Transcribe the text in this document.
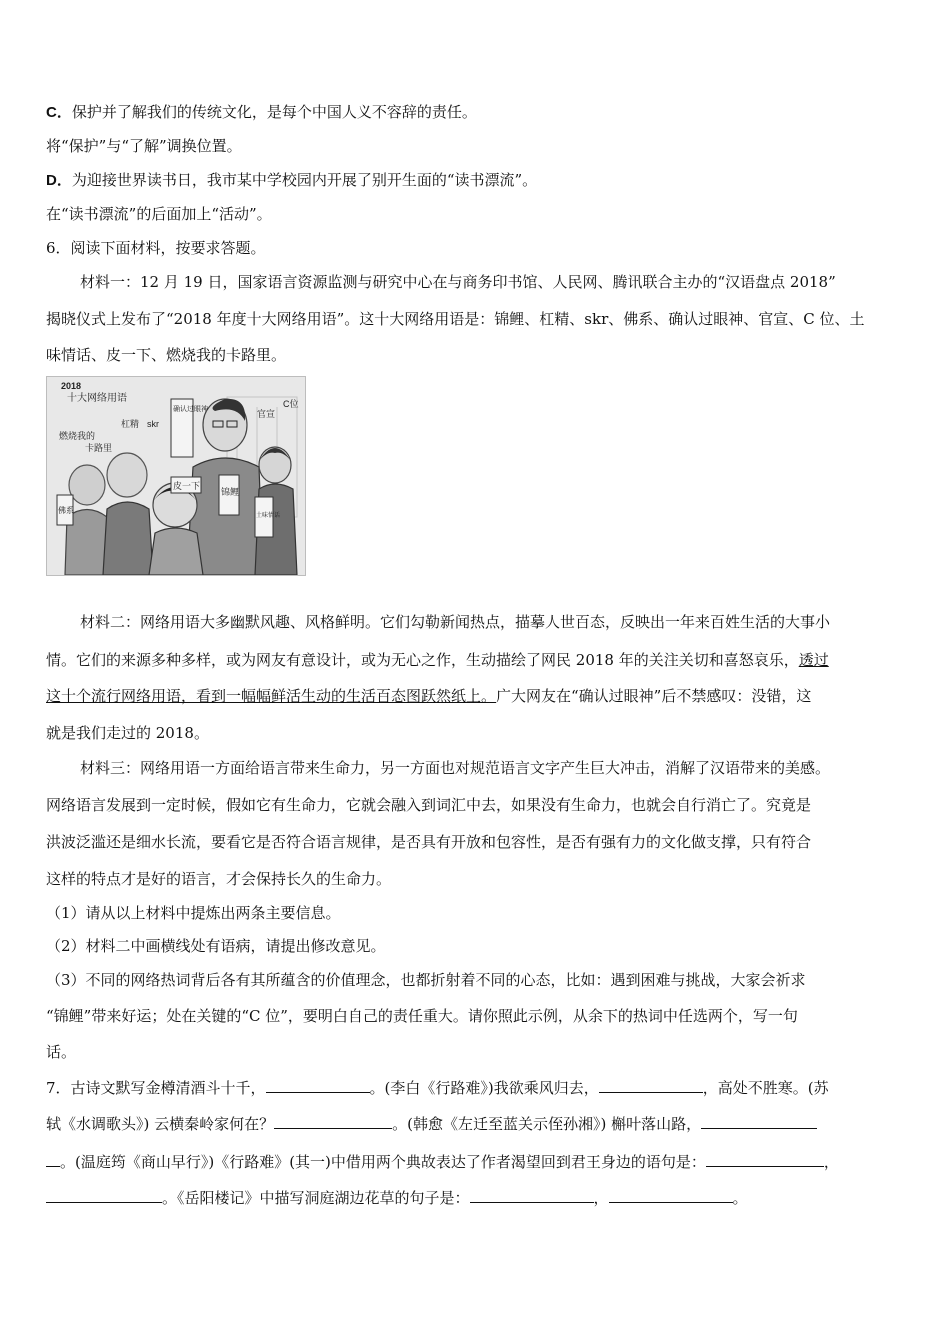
C．保护并了解我们的传统文化，是每个中国人义不容辞的责任。
将“保护”与“了解”调换位置。
D．为迎接世界读书日，我市某中学校园内开展了别开生面的“读书漂流”。
在“读书漂流”的后面加上“活动”。
6．阅读下面材料，按要求答题。
材料一：12 月 19 日，国家语言资源监测与研究中心在与商务印书馆、人民网、腾讯联合主办的“汉语盘点 2018”
揭晓仪式上发布了“2018 年度十大网络用语”。这十大网络用语是：锦鲤、杠精、skr、佛系、确认过眼神、官宣、C 位、土
味情话、皮一下、燃烧我的卡路里。
2018
十大网络用语
燃烧我的
卡路里
杠精 skr
确认过眼神	官宣
C位
皮一下
锦鲤
佛系
土味情话
材料二：网络用语大多幽默风趣、风格鲜明。它们勾勒新闻热点，描摹人世百态，反映出一年来百姓生活的大事小
情。它们的来源多种多样，或为网友有意设计，或为无心之作，生动描绘了网民 2018 年的关注关切和喜怒哀乐，透过
这十个流行网络用语，看到一幅幅鲜活生动的生活百态图跃然纸上。广大网友在“确认过眼神”后不禁感叹：没错，这
就是我们走过的 2018。
材料三：网络用语一方面给语言带来生命力，另一方面也对规范语言文字产生巨大冲击，消解了汉语带来的美感。
网络语言发展到一定时候，假如它有生命力，它就会融入到词汇中去，如果没有生命力，也就会自行消亡了。究竟是
洪波泛滥还是细水长流，要看它是否符合语言规律，是否具有开放和包容性，是否有强有力的文化做支撑，只有符合
这样的特点才是好的语言，才会保持长久的生命力。
（1）请从以上材料中提炼出两条主要信息。
（2）材料二中画横线处有语病，请提出修改意见。
（3）不同的网络热词背后各有其所蕴含的价值理念，也都折射着不同的心态，比如：遇到困难与挑战，大家会祈求
“锦鲤”带来好运；处在关键的“C 位”，要明白自己的责任重大。请你照此示例，从余下的热词中任选两个，写一句
话。
7．古诗文默写金樽清酒斗十千，	。(李白《行路难》)我欲乘风归去，	，高处不胜寒。(苏
轼《水调歌头》) 云横秦岭家何在？	。(韩愈《左迁至蓝关示侄孙湘》) 槲叶落山路，
。(温庭筠《商山早行》)《行路难》(其一)中借用两个典故表达了作者渴望回到君王身边的语句是：	，
。《岳阳楼记》中描写洞庭湖边花草的句子是：	，	。
